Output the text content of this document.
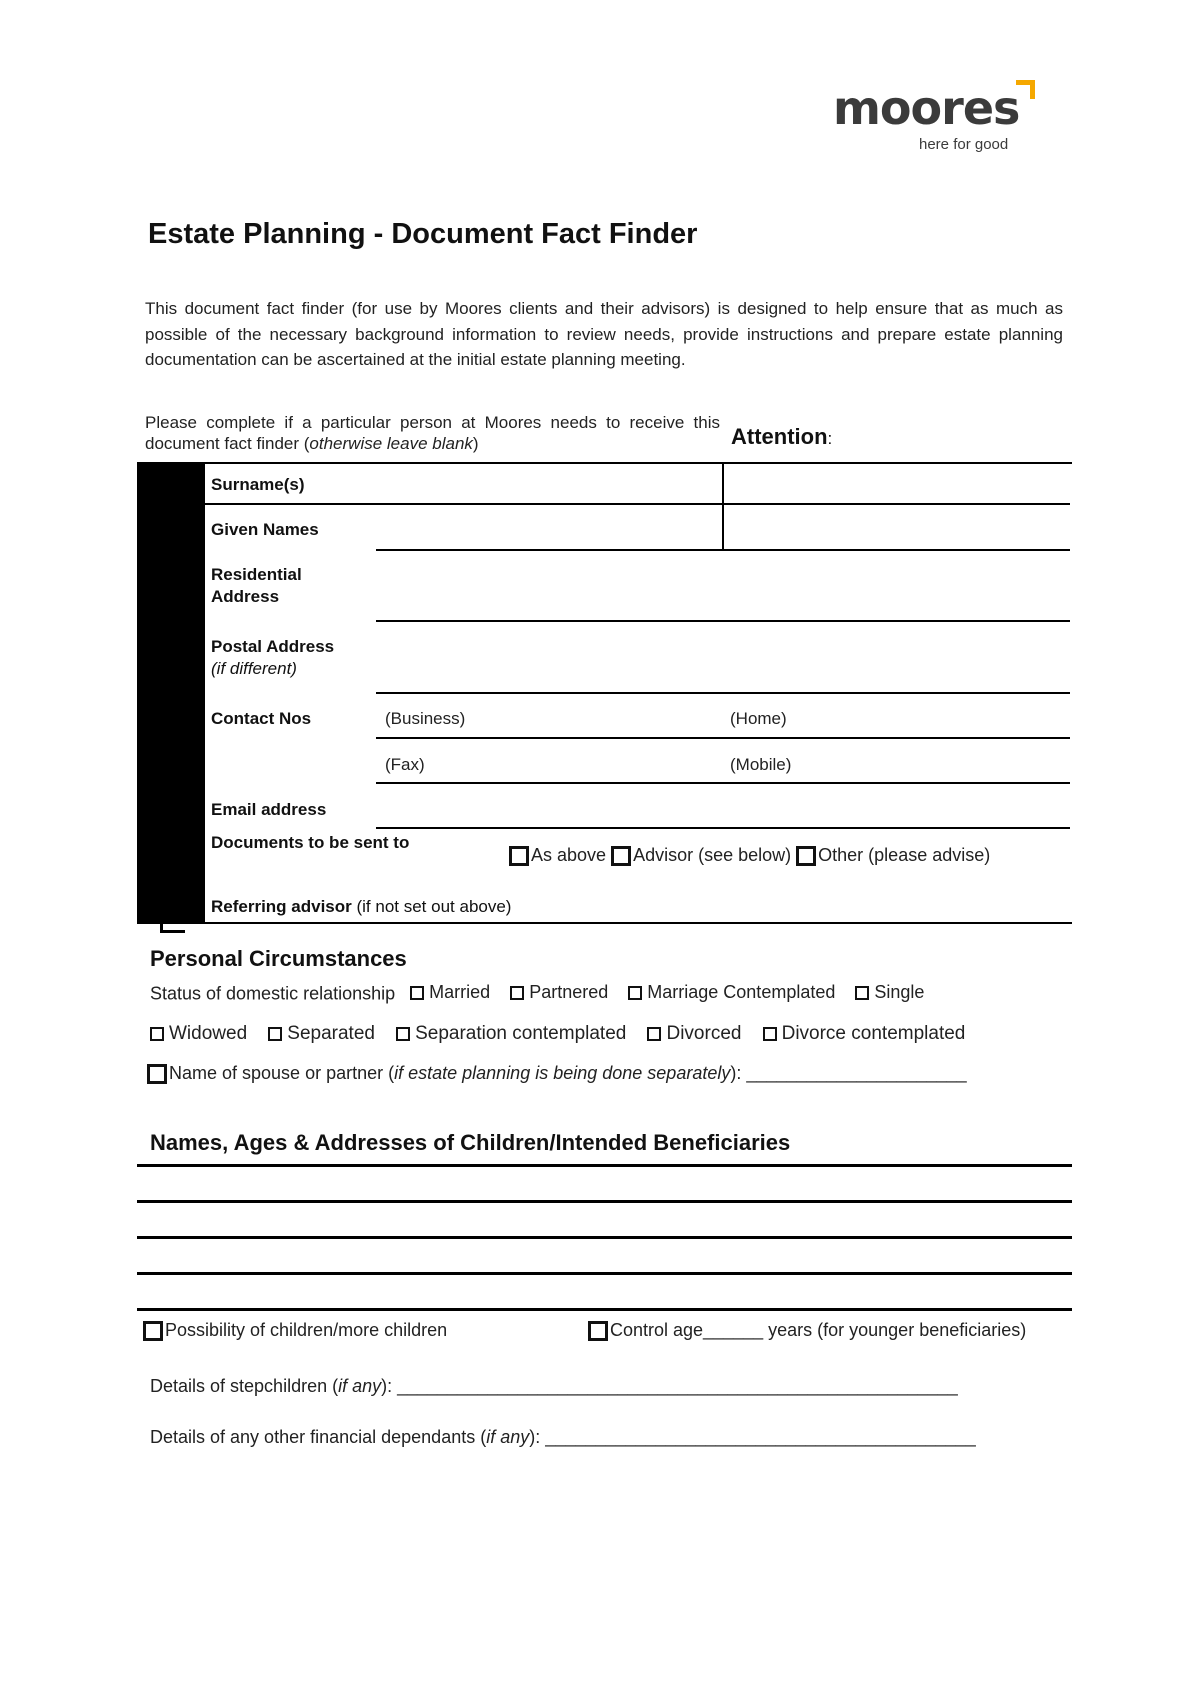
moores
here for good
Estate Planning - Document Fact Finder
This document fact finder (for use by Moores clients and their advisors) is designed to help ensure that as much as possible of the necessary background information to review needs, provide instructions and prepare estate planning documentation can be ascertained at the initial estate planning meeting.
Please complete if a particular person at Moores needs to receive this document fact finder (otherwise leave blank)	Attention:
Surname(s)
Given Names
Residential
Address
Postal Address
(if different)
Contact Nos	(Business)	(Home)
(Fax)	(Mobile)
Email address
Documents to be sent to
As above
Advisor (see below)
Other (please advise)
Referring advisor (if not set out above)
Personal Circumstances
Status of domestic relationship Married
Partnered
Marriage Contemplated
Single
Widowed
Separated
Separation contemplated
Divorced
Divorce contemplated
Name of spouse or partner ( if estate planning is being done separately ): ______________________
Names, Ages & Addresses of Children/Intended Beneficiaries
Possibility of children/more children	Control age______ years (for younger beneficiaries)
Details of stepchildren (if any): ________________________________________________________
Details of any other financial dependants (if any): ___________________________________________
